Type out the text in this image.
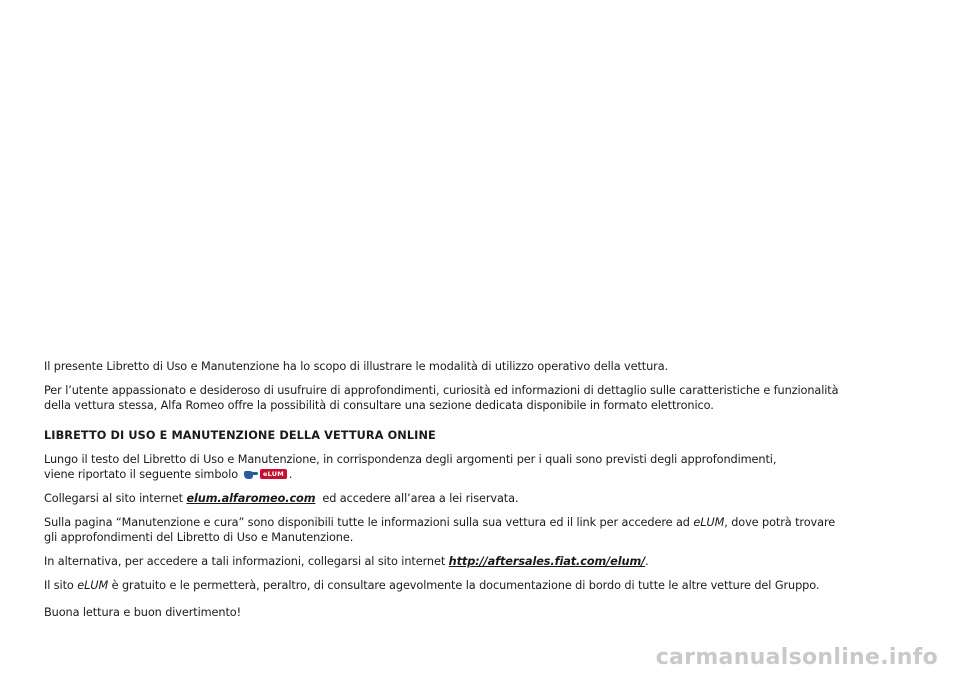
Il presente Libretto di Uso e Manutenzione ha lo scopo di illustrare le modalità di utilizzo operativo della vettura.

Per l’utente appassionato e desideroso di usufruire di approfondimenti, curiosità ed informazioni di dettaglio sulle caratteristiche e funzionalità della vettura stessa, Alfa Romeo offre la possibilità di consultare una sezione dedicata disponibile in formato elettronico.

LIBRETTO DI USO E MANUTENZIONE DELLA VETTURA ONLINE

Lungo il testo del Libretto di Uso e Manutenzione, in corrispondenza degli argomenti per i quali sono previsti degli approfondimenti,
viene riportato il seguente simbolo	eLUM .

Collegarsi al sito internet elum.alfaromeo.com ed accedere all’area a lei riservata.

Sulla pagina “Manutenzione e cura” sono disponibili tutte le informazioni sulla sua vettura ed il link per accedere ad eLUM, dove potrà trovare
gli approfondimenti del Libretto di Uso e Manutenzione.

In alternativa, per accedere a tali informazioni, collegarsi al sito internet http://aftersales.fiat.com/elum/.

Il sito eLUM è gratuito e le permetterà, peraltro, di consultare agevolmente la documentazione di bordo di tutte le altre vetture del Gruppo.

Buona lettura e buon divertimento!

carmanualsonline.info
